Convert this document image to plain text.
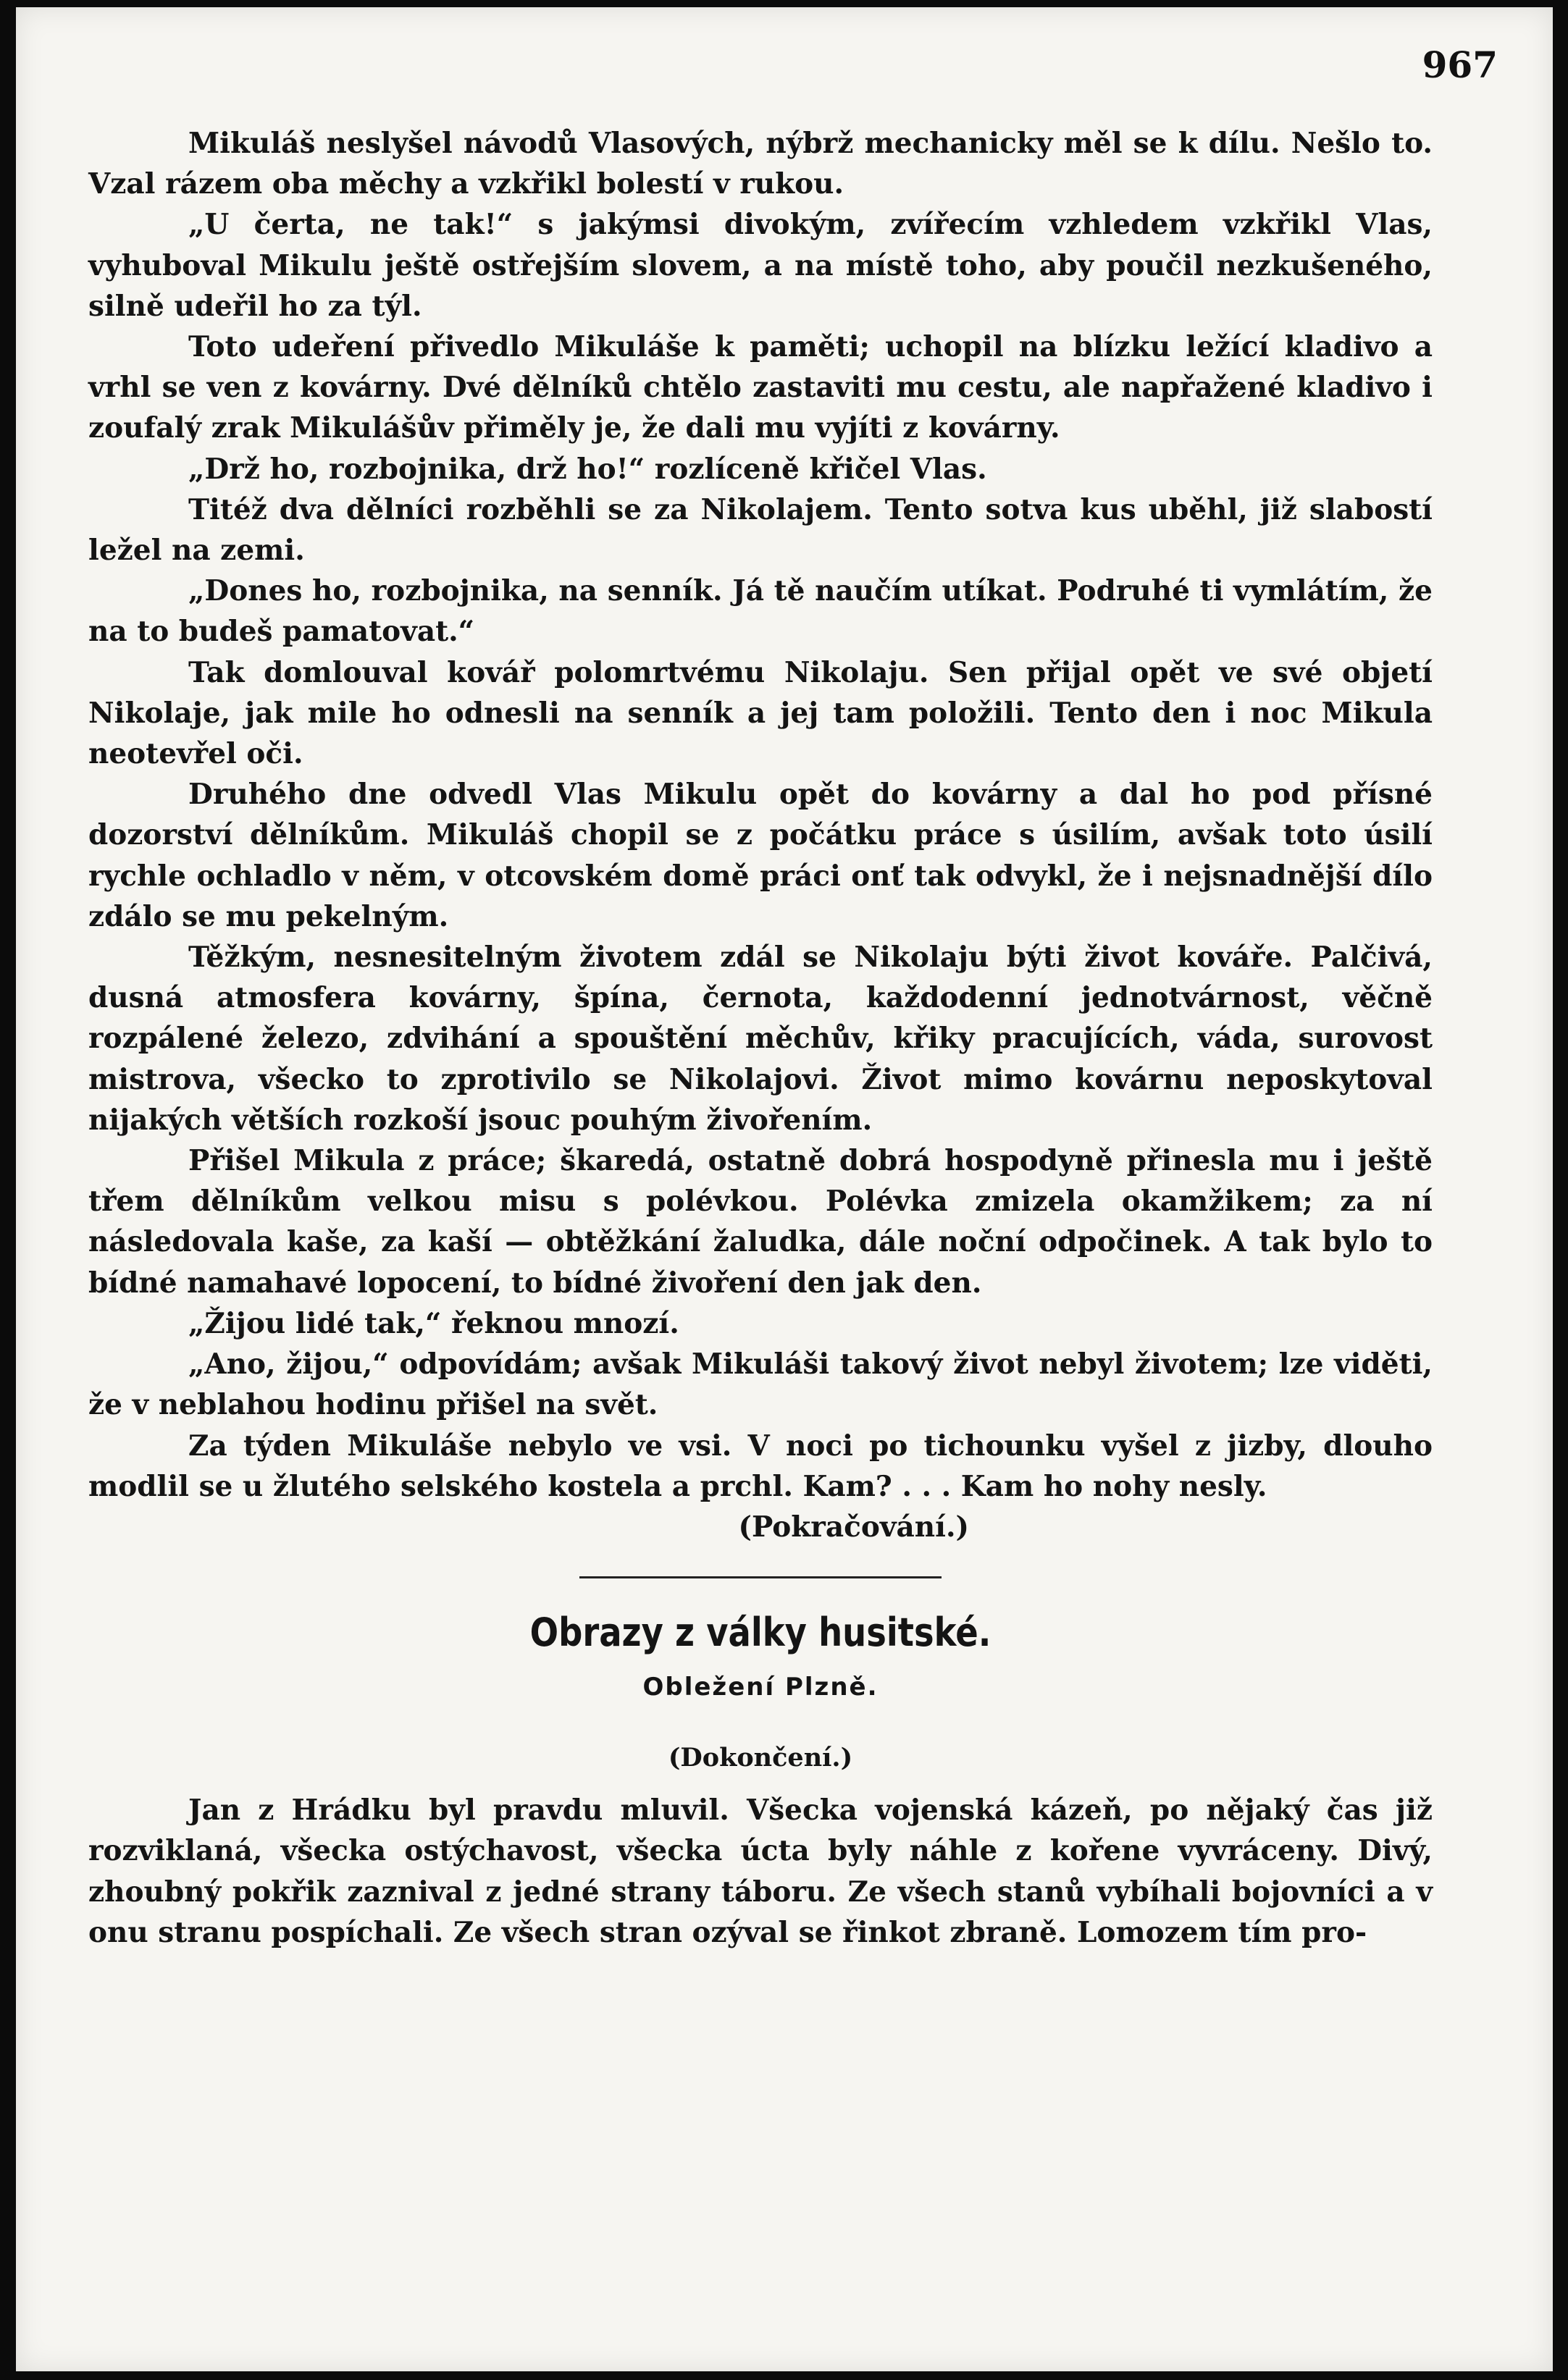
967

Mikuláš neslyšel návodů Vlasových, nýbrž mechanicky měl se k dílu. Nešlo to. Vzal rázem oba měchy a vzkřikl bolestí v rukou.

„U čerta, ne tak!“ s jakýmsi divokým, zvířecím vzhledem vzkřikl Vlas, vyhuboval Mikulu ještě ostřejším slovem, a na místě toho, aby poučil nezkušeného, silně udeřil ho za týl.

Toto udeření přivedlo Mikuláše k paměti; uchopil na blízku ležící kladivo a vrhl se ven z kovárny. Dvé dělníků chtělo zastaviti mu cestu, ale napřažené kladivo i zoufalý zrak Mikulášův přiměly je, že dali mu vyjíti z kovárny.

„Drž ho, rozbojnika, drž ho!“ rozlíceně křičel Vlas.

Titéž dva dělníci rozběhli se za Nikolajem. Tento sotva kus uběhl, již slabostí ležel na zemi.

„Dones ho, rozbojnika, na senník. Já tě naučím utíkat. Podruhé ti vymlátím, že na to budeš pamatovat.“

Tak domlouval kovář polomrtvému Nikolaju. Sen přijal opět ve své objetí Nikolaje, jak mile ho odnesli na senník a jej tam položili. Tento den i noc Mikula neotevřel oči.

Druhého dne odvedl Vlas Mikulu opět do kovárny a dal ho pod přísné dozorství dělníkům. Mikuláš chopil se z počátku práce s úsilím, avšak toto úsilí rychle ochladlo v něm, v otcovském domě práci onť tak odvykl, že i nejsnadnější dílo zdálo se mu pekelným.

Těžkým, nesnesitelným životem zdál se Nikolaju býti život kováře. Palčivá, dusná atmosfera kovárny, špína, černota, každodenní jednotvárnost, věčně rozpálené železo, zdvihání a spouštění měchův, křiky pracujících, váda, surovost mistrova, všecko to zprotivilo se Nikolajovi. Život mimo kovárnu neposkytoval nijakých větších rozkoší jsouc pouhým živořením.

Přišel Mikula z práce; škaredá, ostatně dobrá hospodyně přinesla mu i ještě třem dělníkům velkou misu s polévkou. Polévka zmizela okamžikem; za ní následovala kaše, za kaší — obtěžkání žaludka, dále noční odpočinek. A tak bylo to bídné namahavé lopocení, to bídné živoření den jak den.

„Žijou lidé tak,“ řeknou mnozí.

„Ano, žijou,“ odpovídám; avšak Mikuláši takový život nebyl životem; lze viděti, že v neblahou hodinu přišel na svět.

Za týden Mikuláše nebylo ve vsi. V noci po tichounku vyšel z jizby, dlouho modlil se u žlutého selského kostela a prchl. Kam? . . . Kam ho nohy nesly.

(Pokračování.)

Obrazy z války husitské.
Obležení Plzně.
(Dokončení.)

Jan z Hrádku byl pravdu mluvil. Všecka vojenská kázeň, po nějaký čas již rozviklaná, všecka ostýchavost, všecka úcta byly náhle z kořene vyvráceny. Divý, zhoubný pokřik zaznival z jedné strany táboru. Ze všech stanů vybíhali bojovníci a v onu stranu pospíchali. Ze všech stran ozýval se řinkot zbraně. Lomozem tím pro-
